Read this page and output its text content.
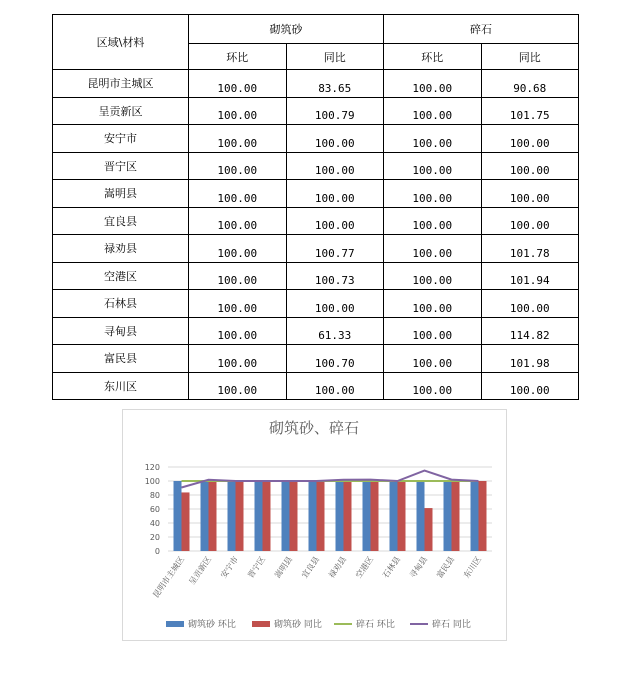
区域\材料	砌筑砂		碎石	
	环比	同比	环比	同比
昆明市主城区	100.00	83.65	100.00	90.68
呈贡新区	100.00	100.79	100.00	101.75
安宁市	100.00	100.00	100.00	100.00
晋宁区	100.00	100.00	100.00	100.00
嵩明县	100.00	100.00	100.00	100.00
宜良县	100.00	100.00	100.00	100.00
禄劝县	100.00	100.77	100.00	101.78
空港区	100.00	100.73	100.00	101.94
石林县	100.00	100.00	100.00	100.00
寻甸县	100.00	61.33	100.00	114.82
富民县	100.00	100.70	100.00	101.98
东川区	100.00	100.00	100.00	100.00
砌筑砂、碎石
0
20
40
60
80
100
120
昆明市主城区 呈贡新区 安宁市 晋宁区 嵩明县 宜良县 禄劝县 空港区 石林县 寻甸县 富民县 东川区
砌筑砂 环比	砌筑砂 同比	碎石 环比	碎石 同比
